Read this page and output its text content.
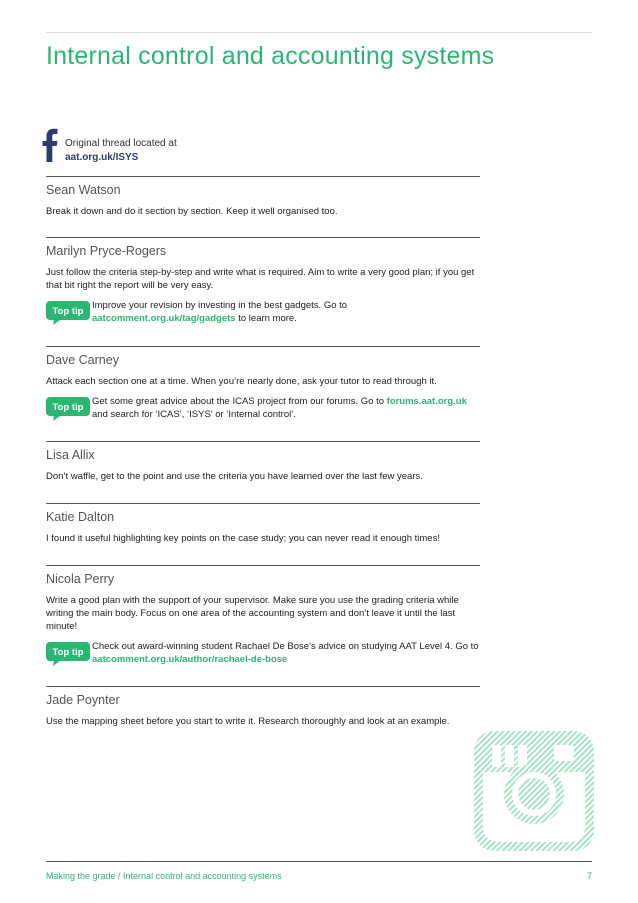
Internal control and accounting systems
Original thread located at
aat.org.uk/ISYS
Sean Watson
Break it down and do it section by section. Keep it well organised too.
Marilyn Pryce-Rogers
Just follow the criteria step-by-step and write what is required. Aim to write a very good plan; if you get that bit right the report will be very easy.
Top tip
Improve your revision by investing in the best gadgets. Go to
aatcomment.org.uk/tag/gadgets to learn more.
Dave Carney
Attack each section one at a time. When you’re nearly done, ask your tutor to read through it.
Top tip
Get some great advice about the ICAS project from our forums. Go to forums.aat.org.uk and search for ‘ICAS’, ‘ISYS’ or ‘Internal control’.
Lisa Allix
Don’t waffle, get to the point and use the criteria you have learned over the last few years.
Katie Dalton
I found it useful highlighting key points on the case study; you can never read it enough times!
Nicola Perry
Write a good plan with the support of your supervisor. Make sure you use the grading criteria while writing the main body. Focus on one area of the accounting system and don’t leave it until the last minute!
Top tip
Check out award-winning student Rachael De Bose’s advice on studying AAT Level 4. Go to aatcomment.org.uk/author/rachael-de-bose
Jade Poynter
Use the mapping sheet before you start to write it. Research thoroughly and look at an example.
Making the grade / Internal control and accounting systems	7
